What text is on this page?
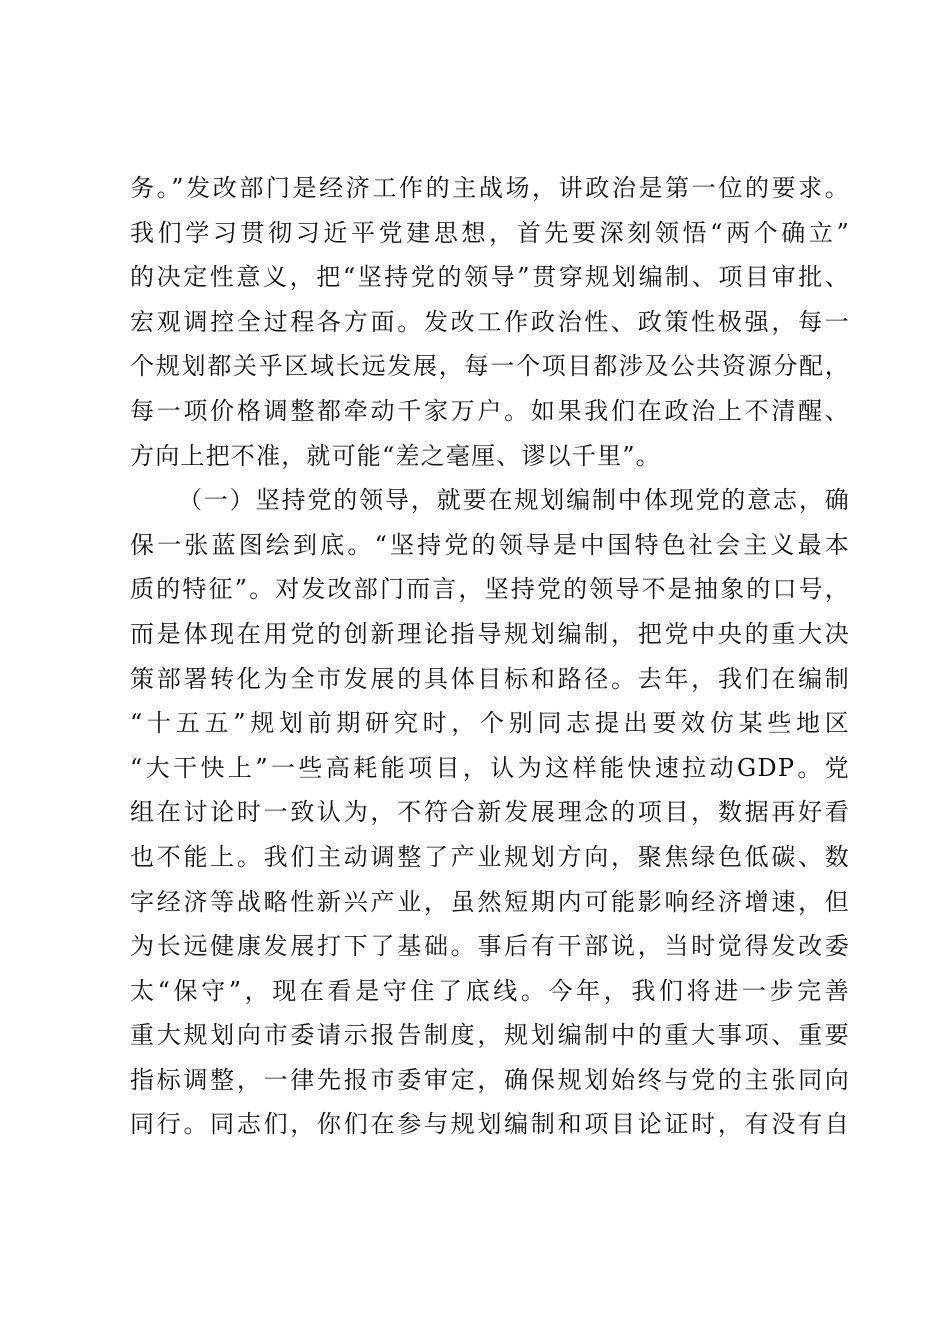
务。”发改部门是经济工作的主战场，讲政治是第一位的要求。
我们学习贯彻习近平党建思想，首先要深刻领悟“两个确立”
的决定性意义，把“坚持党的领导”贯穿规划编制、项目审批、
宏观调控全过程各方面。发改工作政治性、政策性极强，每一
个规划都关乎区域长远发展，每一个项目都涉及公共资源分配，
每一项价格调整都牵动千家万户。如果我们在政治上不清醒、
方向上把不准，就可能“差之毫厘、谬以千里”。
（一）坚持党的领导，就要在规划编制中体现党的意志，确
保一张蓝图绘到底。“坚持党的领导是中国特色社会主义最本
质的特征”。对发改部门而言，坚持党的领导不是抽象的口号，
而是体现在用党的创新理论指导规划编制，把党中央的重大决
策部署转化为全市发展的具体目标和路径。去年，我们在编制
“十五五”规划前期研究时，个别同志提出要效仿某些地区
“大干快上”一些高耗能项目，认为这样能快速拉动GDP。党
组在讨论时一致认为，不符合新发展理念的项目，数据再好看
也不能上。我们主动调整了产业规划方向，聚焦绿色低碳、数
字经济等战略性新兴产业，虽然短期内可能影响经济增速，但
为长远健康发展打下了基础。事后有干部说，当时觉得发改委
太“保守”，现在看是守住了底线。今年，我们将进一步完善
重大规划向市委请示报告制度，规划编制中的重大事项、重要
指标调整，一律先报市委审定，确保规划始终与党的主张同向
同行。同志们，你们在参与规划编制和项目论证时，有没有自
